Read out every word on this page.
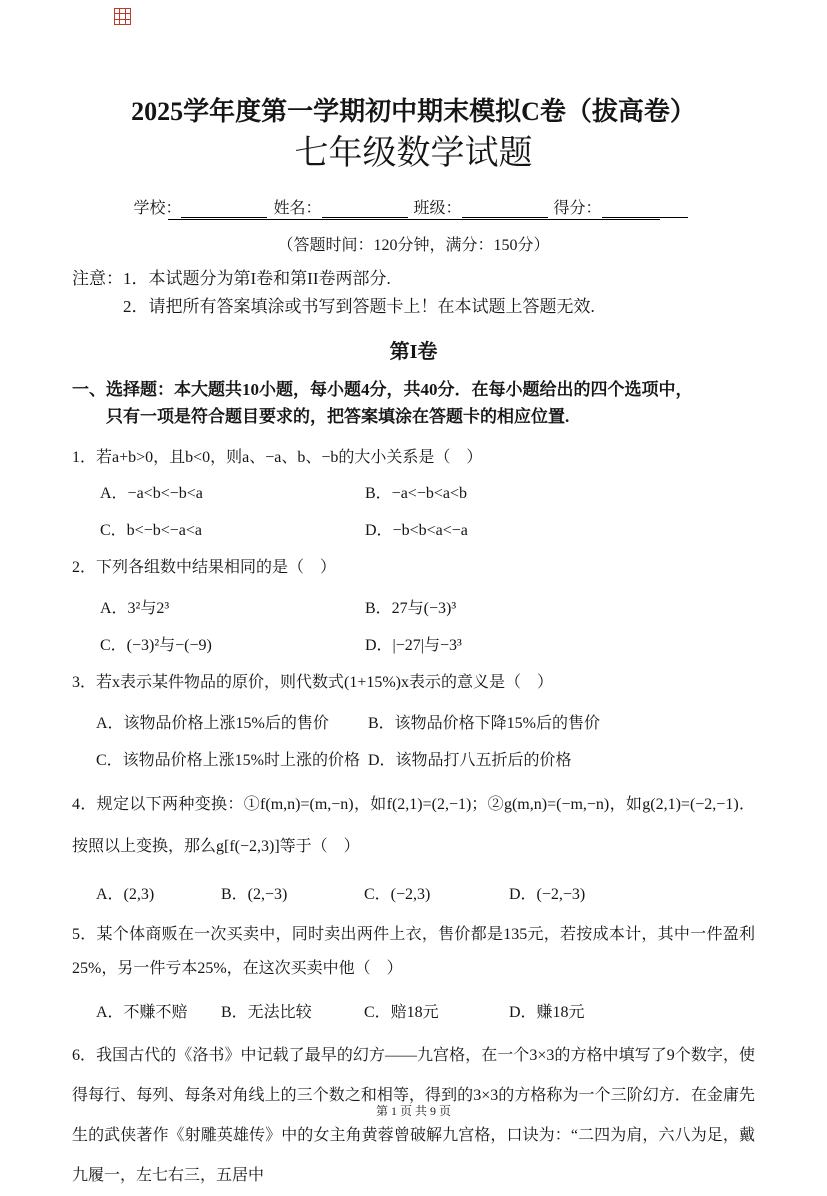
2025学年度第一学期初中期末模拟C卷（拔高卷）
七年级数学试题
学校：	姓名：	班级：	得分：
（答题时间：120分钟，满分：150分）
注意：1．本试题分为第I卷和第II卷两部分.
2．请把所有答案填涂或书写到答题卡上！在本试题上答题无效.
第I卷
一、选择题：本大题共10小题，每小题4分，共40分．在每小题给出的四个选项中，
只有一项是符合题目要求的，把答案填涂在答题卡的相应位置.
1．若a+b>0，且b<0，则a、−a、b、−b的大小关系是（　）
A．−a<b<−b<a	B．−a<−b<a<b
C．b<−b<−a<a	D．−b<b<a<−a
2．下列各组数中结果相同的是（　）
A．3²与2³	B．27与(−3)³
C．(−3)²与−(−9)	D．|−27|与−3³
3．若x表示某件物品的原价，则代数式(1+15%)x表示的意义是（　）
A．该物品价格上涨15%后的售价	B．该物品价格下降15%后的售价
C．该物品价格上涨15%时上涨的价格 D．该物品打八五折后的价格
4．规定以下两种变换：①f(m,n)=(m,−n)，如f(2,1)=(2,−1)；②g(m,n)=(−m,−n)，如g(2,1)=(−2,−1)．按照以上变换，那么g[f(−2,3)]等于（　）
A．(2,3)	B．(2,−3)	C．(−2,3)	D．(−2,−3)
5．某个体商贩在一次买卖中，同时卖出两件上衣，售价都是135元，若按成本计，其中一件盈利25%，另一件亏本25%，在这次买卖中他（　）
A．不赚不赔	B．无法比较	C．赔18元	D．赚18元
6．我国古代的《洛书》中记载了最早的幻方——九宫格，在一个3×3的方格中填写了9个数字，使得每行、每列、每条对角线上的三个数之和相等，得到的3×3的方格称为一个三阶幻方．在金庸先生的武侠著作《射雕英雄传》中的女主角黄蓉曾破解九宫格，口诀为：“二四为肩，六八为足，戴九履一，左七右三，五居中
第 1 页 共 9 页
